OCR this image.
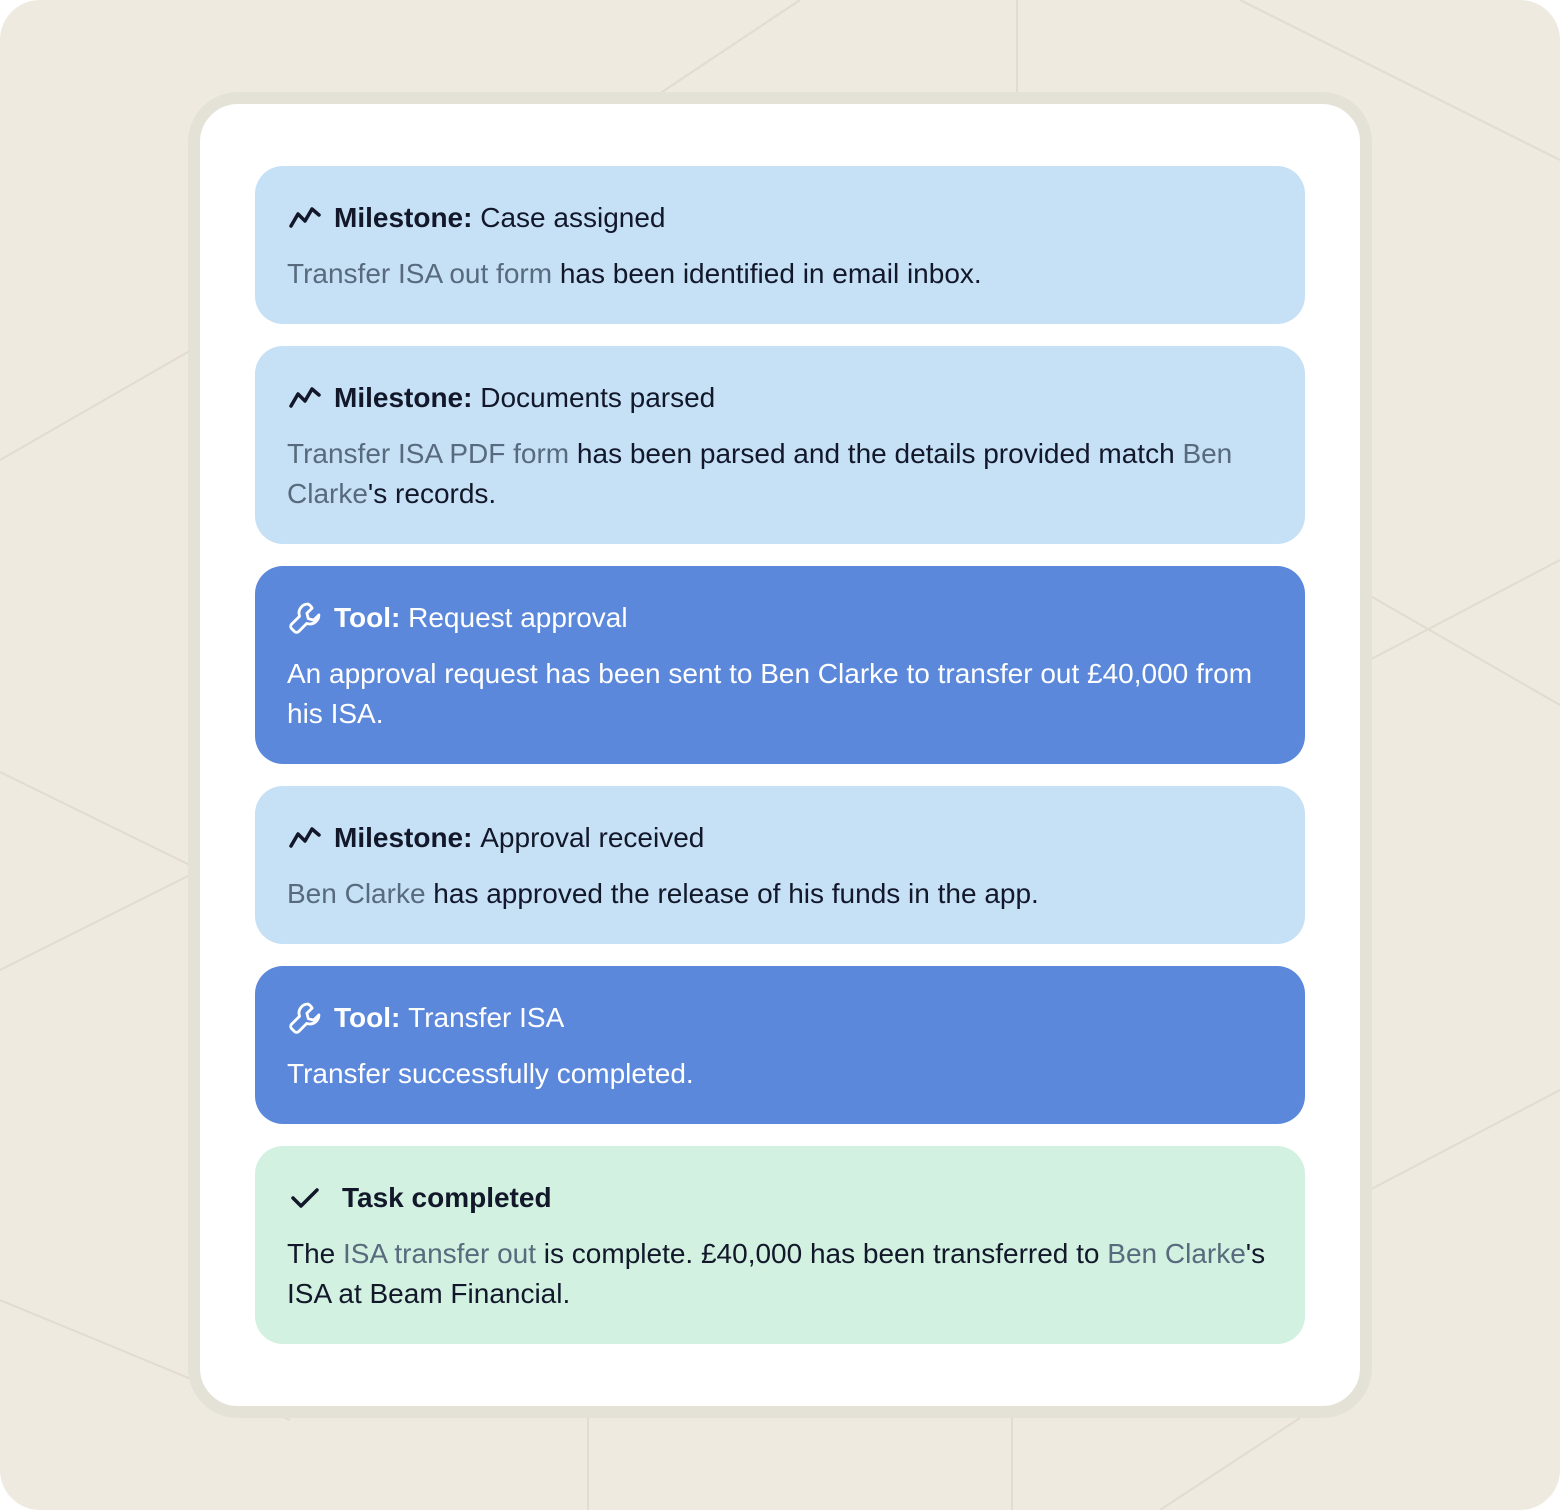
Milestone:
Case assigned
Transfer ISA out form has been identified in email inbox.
Milestone:
Documents parsed
Transfer ISA PDF form has been parsed and the details provided match Ben Clarke's records.
Tool:
Request approval
An approval request has been sent to Ben Clarke to transfer out £40,000 from his ISA.
Milestone:
Approval received
Ben Clarke has approved the release of his funds in the app.
Tool:
Transfer ISA
Transfer successfully completed.
Task completed
The ISA transfer out is complete. £40,000 has been transferred to Ben Clarke's ISA at Beam Financial.
